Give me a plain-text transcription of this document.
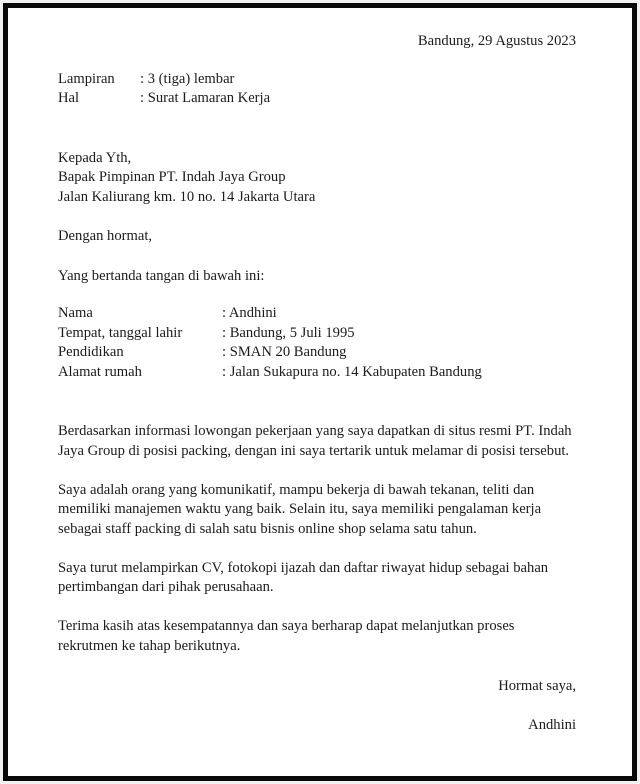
Bandung, 29 Agustus 2023
Lampiran	: 3 (tiga) lembar
Hal	: Surat Lamaran Kerja
Kepada Yth,
Bapak Pimpinan PT. Indah Jaya Group
Jalan Kaliurang km. 10 no. 14 Jakarta Utara
Dengan hormat,
Yang bertanda tangan di bawah ini:
Nama	: Andhini
Tempat, tanggal lahir	: Bandung, 5 Juli 1995
Pendidikan	: SMAN 20 Bandung
Alamat rumah	: Jalan Sukapura no. 14 Kabupaten Bandung

Berdasarkan informasi lowongan pekerjaan yang saya dapatkan di situs resmi PT. Indah Jaya Group di posisi packing, dengan ini saya tertarik untuk melamar di posisi tersebut.

Saya adalah orang yang komunikatif, mampu bekerja di bawah tekanan, teliti dan memiliki manajemen waktu yang baik. Selain itu, saya memiliki pengalaman kerja sebagai staff packing di salah satu bisnis online shop selama satu tahun.

Saya turut melampirkan CV, fotokopi ijazah dan daftar riwayat hidup sebagai bahan pertimbangan dari pihak perusahaan.

Terima kasih atas kesempatannya dan saya berharap dapat melanjutkan proses rekrutmen ke tahap berikutnya.

Hormat saya,
Andhini
